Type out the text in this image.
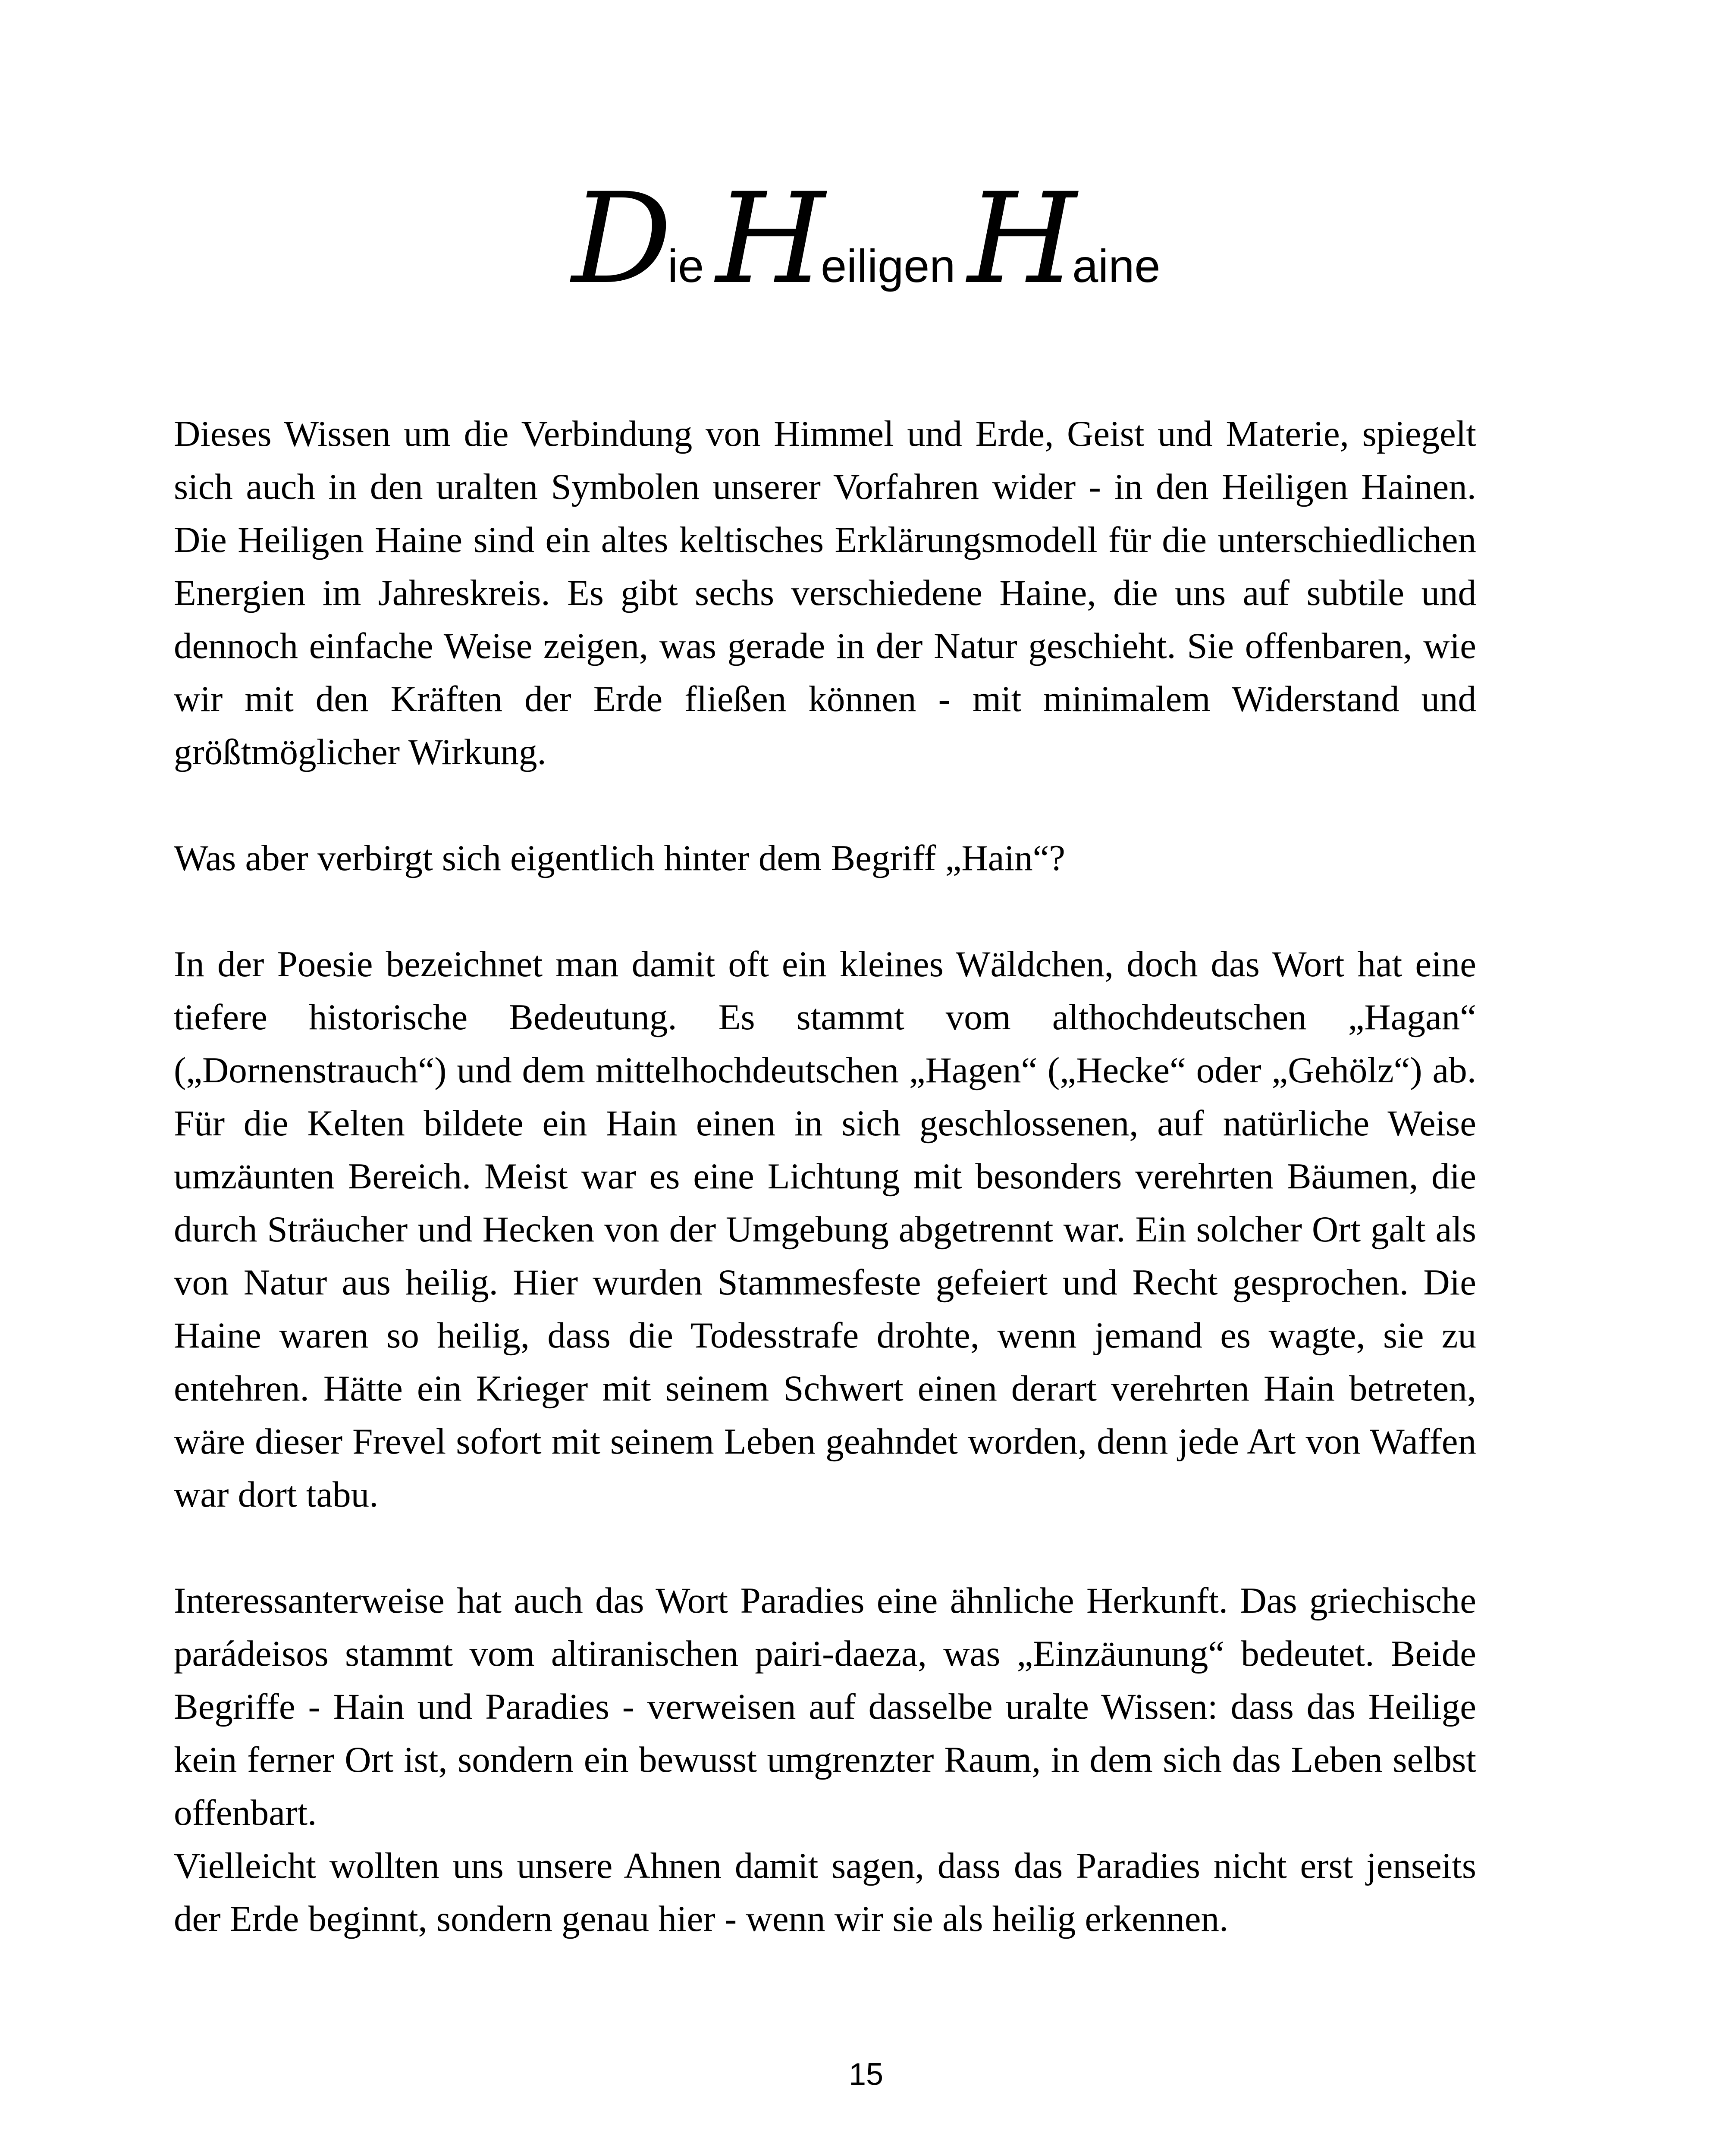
DieHeiligenHaine

Dieses Wissen um die Verbindung von Himmel und Erde, Geist und Materie, spiegelt sich auch in den uralten Symbolen unserer Vorfahren wider - in den Heiligen Hainen. Die Heiligen Haine sind ein altes keltisches Erklärungsmodell für die unterschiedlichen Energien im Jahreskreis. Es gibt sechs verschiedene Haine, die uns auf subtile und dennoch einfache Weise zeigen, was gerade in der Natur geschieht. Sie offenbaren, wie wir mit den Kräften der Erde fließen können - mit minimalem Widerstand und größtmöglicher Wirkung.

Was aber verbirgt sich eigentlich hinter dem Begriff „Hain“?

In der Poesie bezeichnet man damit oft ein kleines Wäldchen, doch das Wort hat eine tiefere historische Bedeutung. Es stammt vom althochdeutschen „Hagan“ („Dornenstrauch“) und dem mittelhochdeutschen „Hagen“ („Hecke“ oder „Gehölz“) ab. Für die Kelten bildete ein Hain einen in sich geschlossenen, auf natürliche Weise umzäunten Bereich. Meist war es eine Lichtung mit besonders verehrten Bäumen, die durch Sträucher und Hecken von der Umgebung abgetrennt war. Ein solcher Ort galt als von Natur aus heilig. Hier wurden Stammesfeste gefeiert und Recht gesprochen. Die Haine waren so heilig, dass die Todesstrafe drohte, wenn jemand es wagte, sie zu entehren. Hätte ein Krieger mit seinem Schwert einen derart verehrten Hain betreten, wäre dieser Frevel sofort mit seinem Leben geahndet worden, denn jede Art von Waffen war dort tabu.

Interessanterweise hat auch das Wort Paradies eine ähnliche Herkunft. Das griechische parádeisos stammt vom altiranischen pairi-daeza, was „Einzäunung“ bedeutet. Beide Begriffe - Hain und Paradies - verweisen auf dasselbe uralte Wissen: dass das Heilige kein ferner Ort ist, sondern ein bewusst umgrenzter Raum, in dem sich das Leben selbst offenbart.

Vielleicht wollten uns unsere Ahnen damit sagen, dass das Paradies nicht erst jenseits der Erde beginnt, sondern genau hier - wenn wir sie als heilig erkennen.

15
